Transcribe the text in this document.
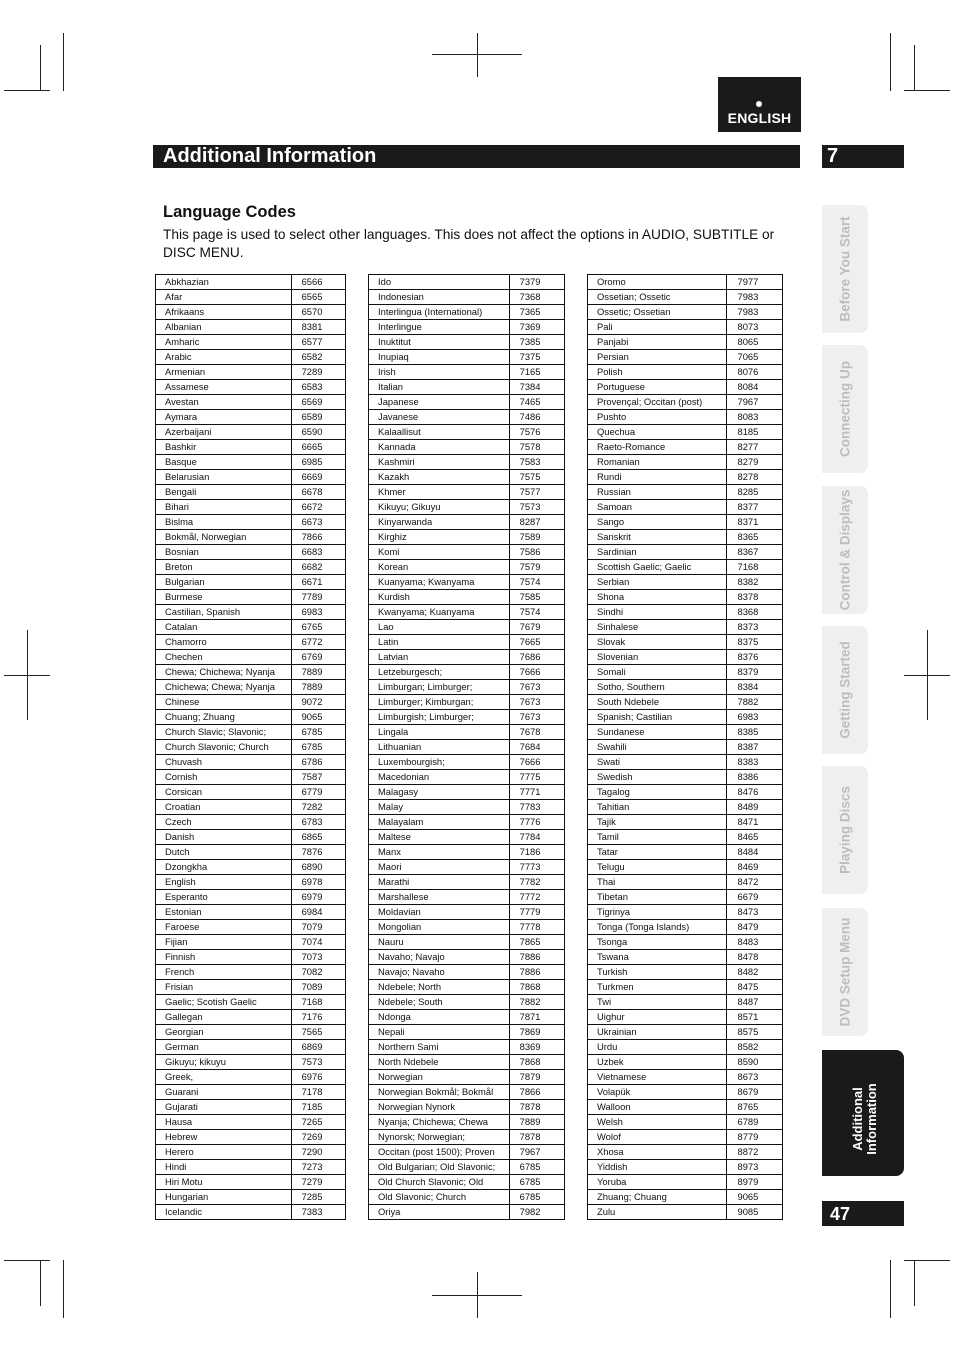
ENGLISH
Additional Information	7
Language Codes
This page is used to select other languages. This does not affect the options in AUDIO, SUBTITLE or DISC MENU.
Abkhazian	6566
Afar	6565
Afrikaans	6570
Albanian	8381
Amharic	6577
Arabic	6582
Armenian	7289
Assamese	6583
Avestan	6569
Aymara	6589
Azerbaijani	6590
Bashkir	6665
Basque	6985
Belarusian	6669
Bengali	6678
Bihari	6672
Bislma	6673
Bokmål, Norwegian	7866
Bosnian	6683
Breton	6682
Bulgarian	6671
Burmese	7789
Castilian, Spanish	6983
Catalan	6765
Chamorro	6772
Chechen	6769
Chewa; Chichewa; Nyanja	7889
Chichewa; Chewa; Nyanja	7889
Chinese	9072
Chuang; Zhuang	9065
Church Slavic; Slavonic;	6785
Church Slavonic; Church	6785
Chuvash	6786
Cornish	7587
Corsican	6779
Croatian	7282
Czech	6783
Danish	6865
Dutch	7876
Dzongkha	6890
English	6978
Esperanto	6979
Estonian	6984
Faroese	7079
Fijian	7074
Finnish	7073
French	7082
Frisian	7089
Gaelic; Scotish Gaelic	7168
Gallegan	7176
Georgian	7565
German	6869
Gikuyu; kikuyu	7573
Greek,	6976
Guarani	7178
Gujarati	7185
Hausa	7265
Hebrew	7269
Herero	7290
Hindi	7273
Hiri Motu	7279
Hungarian	7285
Icelandic	7383
Ido	7379
Indonesian	7368
Interlingua (International)	7365
Interlingue	7369
Inuktitut	7385
Inupiaq	7375
Irish	7165
Italian	7384
Japanese	7465
Javanese	7486
Kalaallisut	7576
Kannada	7578
Kashmiri	7583
Kazakh	7575
Khmer	7577
Kikuyu; Gikuyu	7573
Kinyarwanda	8287
Kirghiz	7589
Komi	7586
Korean	7579
Kuanyama; Kwanyama	7574
Kurdish	7585
Kwanyama; Kuanyama	7574
Lao	7679
Latin	7665
Latvian	7686
Letzeburgesch;	7666
Limburgan; Limburger;	7673
Limburger; Kimburgan;	7673
Limburgish; Limburger;	7673
Lingala	7678
Lithuanian	7684
Luxembourgish;	7666
Macedonian	7775
Malagasy	7771
Malay	7783
Malayalam	7776
Maltese	7784
Manx	7186
Maori	7773
Marathi	7782
Marshallese	7772
Moldavian	7779
Mongolian	7778
Nauru	7865
Navaho; Navajo	7886
Navajo; Navaho	7886
Ndebele; North	7868
Ndebele; South	7882
Ndonga	7871
Nepali	7869
Northern Sami	8369
North Ndebele	7868
Norwegian	7879
Norwegian Bokmål; Bokmål	7866
Norwegian Nynork	7878
Nyanja; Chichewa; Chewa	7889
Nynorsk; Norwegian;	7878
Occitan (post 1500); Proven	7967
Old Bulgarian; Old Slavonic;	6785
Old Church Slavonic; Old	6785
Old Slavonic; Church	6785
Oriya	7982
Oromo	7977
Ossetian; Ossetic	7983
Ossetic; Ossetian	7983
Pali	8073
Panjabi	8065
Persian	7065
Polish	8076
Portuguese	8084
Provençal; Occitan (post)	7967
Pushto	8083
Quechua	8185
Raeto-Romance	8277
Romanian	8279
Rundi	8278
Russian	8285
Samoan	8377
Sango	8371
Sanskrit	8365
Sardinian	8367
Scottish Gaelic; Gaelic	7168
Serbian	8382
Shona	8378
Sindhi	8368
Sinhalese	8373
Slovak	8375
Slovenian	8376
Somali	8379
Sotho, Southern	8384
South Ndebele	7882
Spanish; Castilian	6983
Sundanese	8385
Swahili	8387
Swati	8383
Swedish	8386
Tagalog	8476
Tahitian	8489
Tajik	8471
Tamil	8465
Tatar	8484
Telugu	8469
Thai	8472
Tibetan	6679
Tigrinya	8473
Tonga (Tonga Islands)	8479
Tsonga	8483
Tswana	8478
Turkish	8482
Turkmen	8475
Twi	8487
Uighur	8571
Ukrainian	8575
Urdu	8582
Uzbek	8590
Vietnamese	8673
Volapük	8679
Walloon	8765
Welsh	6789
Wolof	8779
Xhosa	8872
Yiddish	8973
Yoruba	8979
Zhuang; Chuang	9065
Zulu	9085
Before You Start
Connecting Up
Control & Displays
Getting Started
Playing Discs
DVD Setup Menu
Additional Information
47
